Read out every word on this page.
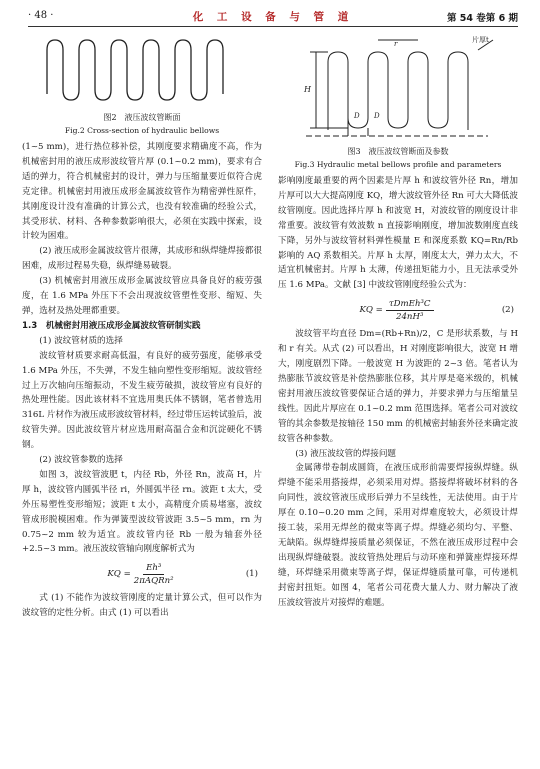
· 48 ·	化 工 设 备 与 管 道	第 54 卷第 6 期
图2　液压波纹管断面
Fig.2 Cross-section of hydraulic bellows

(1~5 mm)，进行热位移补偿，其刚度要求精确度不高，作为机械密封用的液压成形波纹管片厚 (0.1~0.2 mm)，要求有合适的弹力，符合机械密封的设计，弹力与压缩量要近似符合虎克定律。机械密封用液压成形金属波纹管作为精密弹性原件，其刚度设计没有准确的计算公式，也没有较准确的经验公式，其受形状、材料、各种参数影响很大，必须在实践中探索，设计较为困难。

(2) 液压成形金属波纹管片很薄，其成形和纵焊缝焊接都很困难，成形过程易失稳，纵焊缝易破裂。

(3) 机械密封用液压成形金属波纹管应具备良好的疲劳强度，在 1.6 MPa 外压下不会出现波纹管塑性变形、缩短、失弹，选材及热处理都重要。

1.3　机械密封用液压成形金属波纹管研制实践

(1) 波纹管材质的选择

波纹管材质要求耐高低温，有良好的疲劳强度，能够承受 1.6 MPa 外压，不失弹，不发生轴向塑性变形缩短。波纹管经过上万次轴向压缩振动，不发生疲劳破损，波纹管应有良好的热处理性能。因此该材料不宜选用奥氏体不锈钢，笔者曾选用 316L 片材作为液压成形波纹管材料，经过带压运转试验后，波纹管失弹。因此波纹管片材应选用耐高温合金和沉淀硬化不锈钢。

(2) 波纹管参数的选择

如图 3，波纹管波肥 t，内径 Rb，外径 Rn，波高 H，片厚 h，波纹管内圆弧半径 ri，外圆弧半径 rn。波距 t 太大，受外压易塑性变形缩短；波距 t 太小，高精度介质易堵塞，波纹管成形脱模困难。作为弹簧型波纹管波距 3.5~5 mm，rn 为 0.75~2 mm 较为适宜。波纹管内径 Rb 一般为轴套外径 +2.5~3 mm。液压波纹管轴向刚度解析式为

KQ = $\frac{\text{Eh³}}{\text{2πAQRn²}}$	(1)

式 (1) 不能作为波纹管刚度的定量计算公式，但可以作为波纹管的定性分析。由式 (1) 可以看出

片厚t
r
H
D D
图3　液压波纹管断面及参数
Fig.3 Hydraulic metal bellows profile and parameters

影响刚度最重要的两个因素是片厚 h 和波纹管外径 Rn，增加片厚可以大大提高刚度 KQ，增大波纹管外径 Rn 可大大降低波纹管刚度。因此选择片厚 h 和波宽 H，对波纹管的刚度设计非常重要。波纹管有效波数 n 直接影响刚度，增加波数刚度直线下降，另外与波纹管材料弹性模量 E 和深度系数 KQ=Rn/Rb 影响的 AQ 系数相关。片厚 h 太厚，刚度太大，弹力太大，不适宜机械密封。片厚 h 太薄，传递扭矩能力小，且无法承受外压 1.6 MPa。文献 [3] 中波纹管刚度经验公式为：

KQ = $\frac{\text{τDmEh³C}}{\text{24nH³}}$	(2)

波纹管平均直径 Dm=(Rb+Rn)/2，C 是形状系数，与 H 和 r 有关。从式 (2) 可以看出，H 对刚度影响很大，波宽 H 增大，刚度剧烈下降。一般波宽 H 为波距的 2~3 倍。笔者认为热膨胀节波纹管是补偿热膨胀位移，其片厚是毫米级的，机械密封用液压波纹管要保证合适的弹力，并要求弹力与压缩量呈线性。因此片厚应在 0.1~0.2 mm 范围选择。笔者公司对波纹管的其余参数是按轴径 150 mm 的机械密封轴套外径来确定波纹管各种参数。

(3) 液压波纹管的焊接问题

金属薄带卷制成圆筒，在液压成形前需要焊接纵焊缝。纵焊缝不能采用搭接焊，必须采用对焊。搭接焊将破坏材料的各向同性，波纹管液压成形后弹力不呈线性，无法使用。由于片厚在 0.10~0.20 mm 之间，采用对焊难度较大，必须设计焊接工装，采用无焊丝的微束等离子焊。焊缝必须均匀、平整、无缺陷。纵焊缝焊接质量必须保证，不然在液压成形过程中会出现纵焊缝破裂。波纹管热处理后与动环座和弹簧座焊接环焊缝，环焊缝采用微束等离子焊，保证焊缝质量可靠，可传递机封密封扭矩。如图 4，笔者公司花费大量人力、财力解决了液压波纹管波片对接焊的难题。
